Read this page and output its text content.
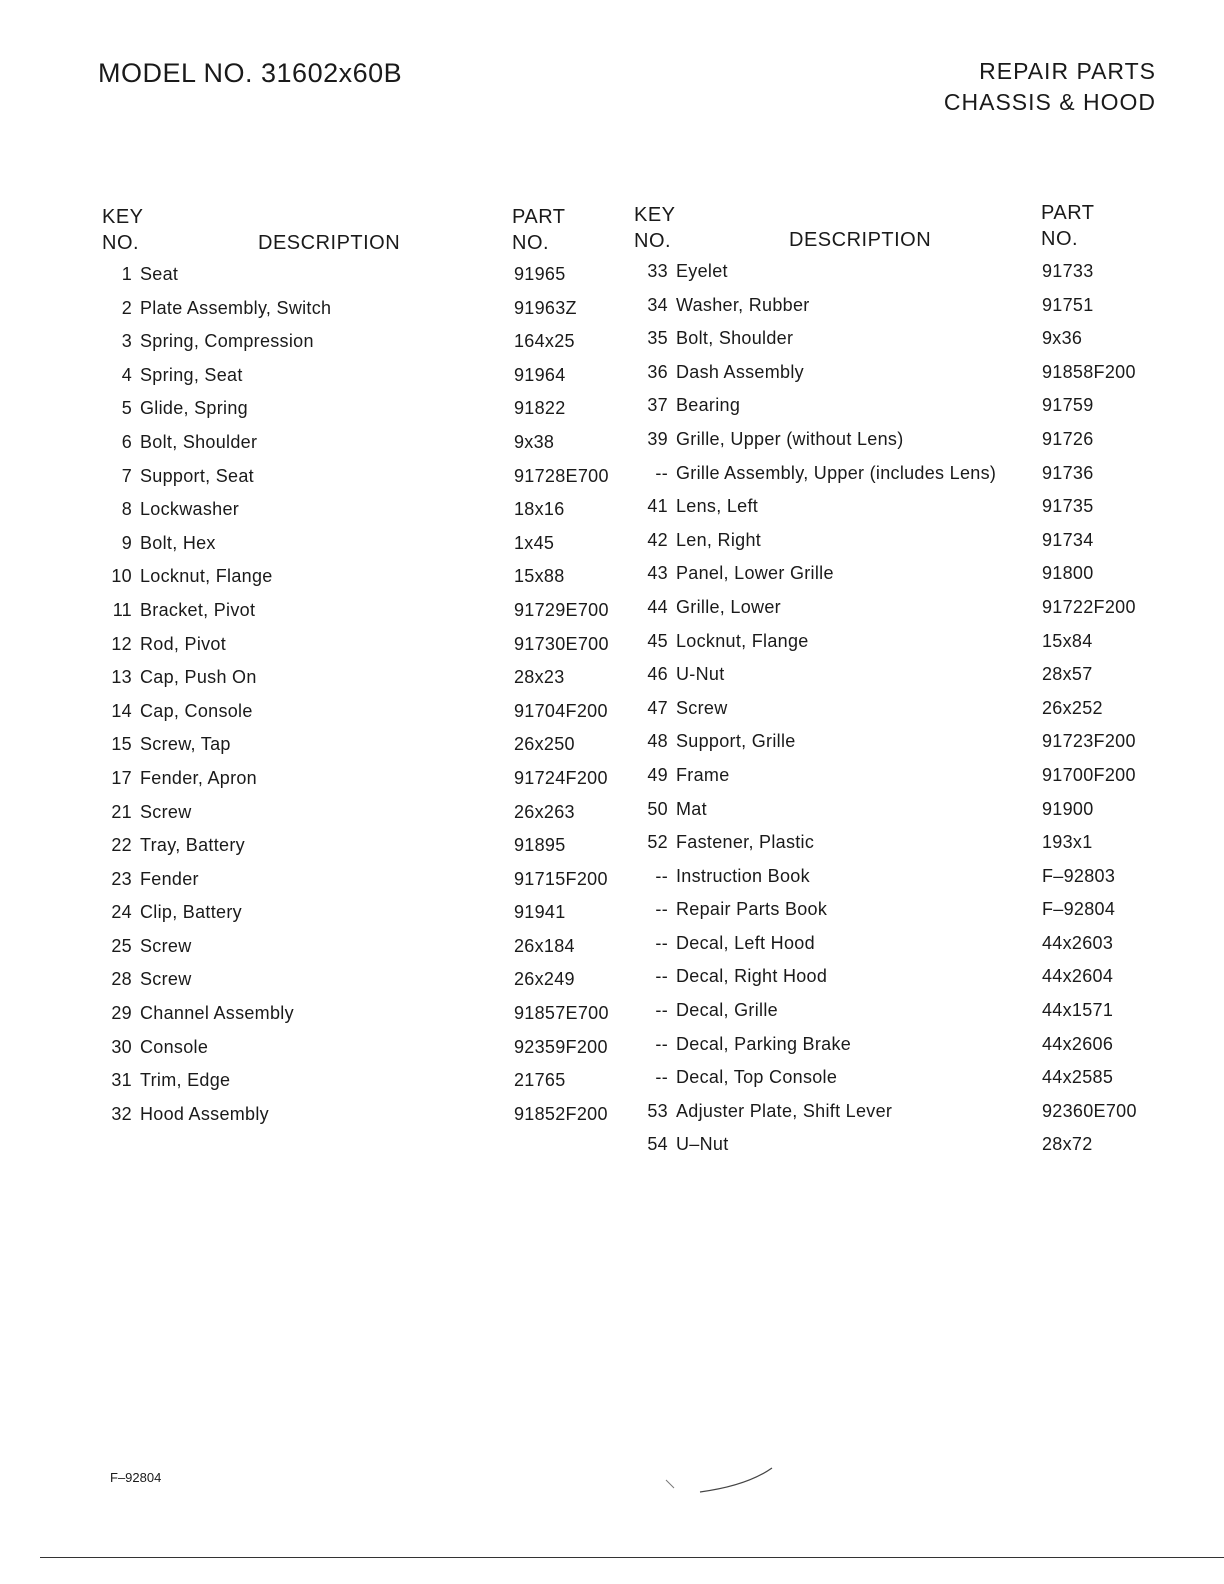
MODEL NO. 31602x60B	REPAIR PARTS
CHASSIS & HOOD
KEY
NO.	DESCRIPTION
PART
NO.
KEY
NO.	DESCRIPTION
PART
NO.
1 Seat	91965
2 Plate Assembly, Switch	91963Z
3 Spring, Compression	164x25
4 Spring, Seat	91964
5 Glide, Spring	91822
6 Bolt, Shoulder	9x38
7 Support, Seat	91728E700
8 Lockwasher	18x16
9 Bolt, Hex	1x45
10 Locknut, Flange	15x88
11 Bracket, Pivot	91729E700
12 Rod, Pivot	91730E700
13 Cap, Push On	28x23
14 Cap, Console	91704F200
15 Screw, Tap	26x250
17 Fender, Apron	91724F200
21 Screw	26x263
22 Tray, Battery	91895
23 Fender	91715F200
24 Clip, Battery	91941
25 Screw	26x184
28 Screw	26x249
29 Channel Assembly	91857E700
30 Console	92359F200
31 Trim, Edge	21765
32 Hood Assembly	91852F200
33 Eyelet	91733
34 Washer, Rubber	91751
35 Bolt, Shoulder	9x36
36 Dash Assembly	91858F200
37 Bearing	91759
39 Grille, Upper (without Lens)	91726
-- Grille Assembly, Upper (includes Lens)	91736
41 Lens, Left	91735
42 Len, Right	91734
43 Panel, Lower Grille	91800
44 Grille, Lower	91722F200
45 Locknut, Flange	15x84
46 U-Nut	28x57
47 Screw	26x252
48 Support, Grille	91723F200
49 Frame	91700F200
50 Mat	91900
52 Fastener, Plastic	193x1
-- Instruction Book	F–92803
-- Repair Parts Book	F–92804
-- Decal, Left Hood	44x2603
-- Decal, Right Hood	44x2604
-- Decal, Grille	44x1571
-- Decal, Parking Brake	44x2606
-- Decal, Top Console	44x2585
53 Adjuster Plate, Shift Lever	92360E700
54 U–Nut	28x72
F–92804
